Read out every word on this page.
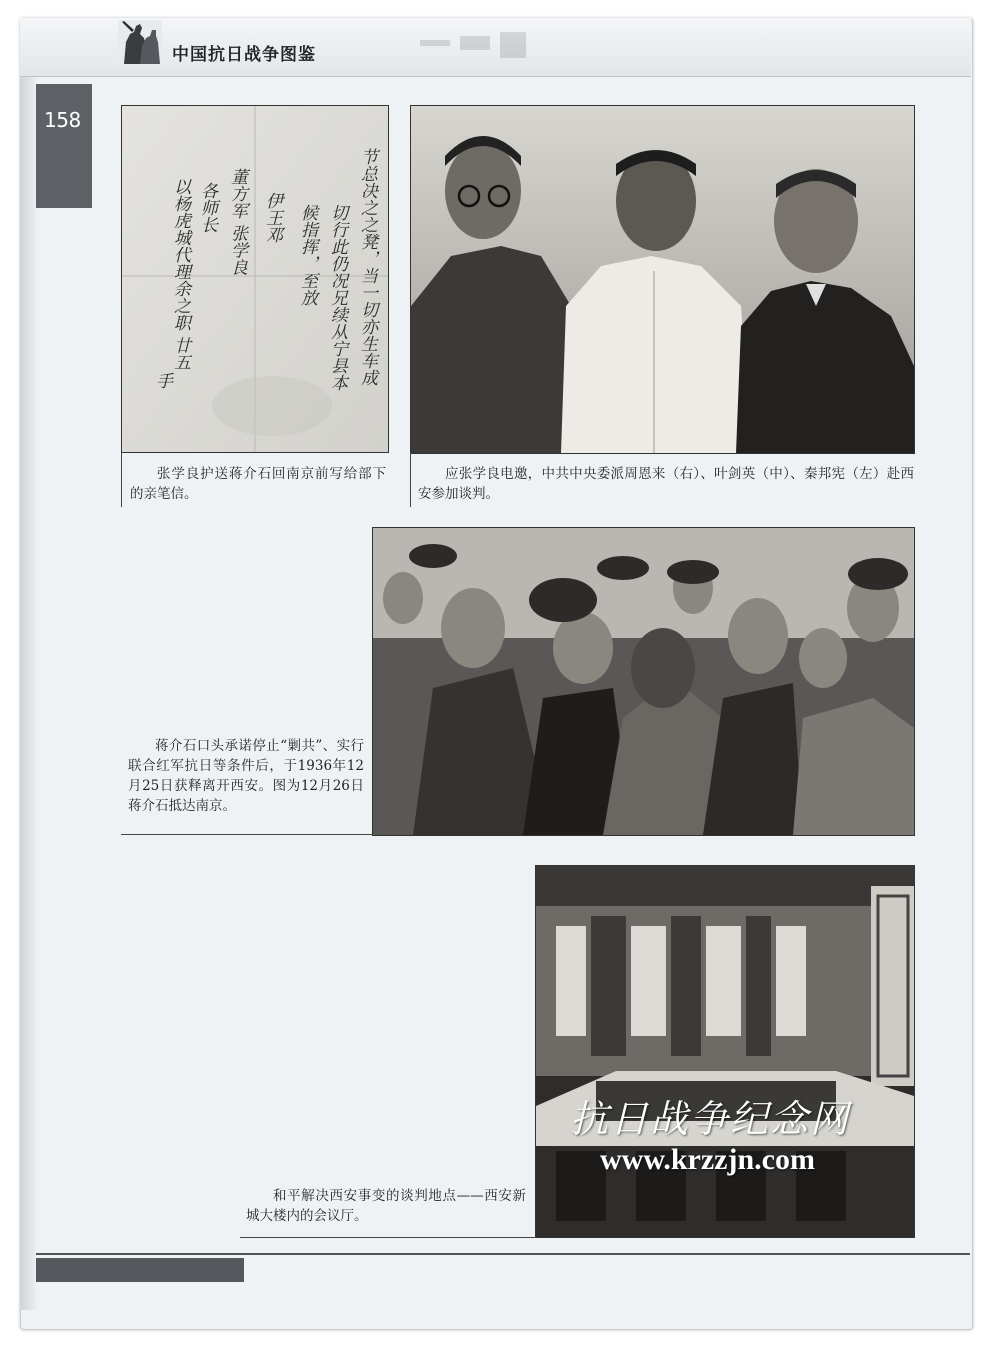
中国抗日战争图鉴
158
节总决之之凳，当一切亦生车成
切行此仍况兄续从宁县本
候指挥，至放
伊王邓
董方军 张学良
各师长
以杨虎城代理余之职 廿五
手
张学良护送蒋介石回南京前写给部下的亲笔信。
应张学良电邀，中共中央委派周恩来（右）、叶剑英（中）、秦邦宪（左）赴西安参加谈判。
蒋介石口头承诺停止“剿共”、实行联合红军抗日等条件后，于1936年12月25日获释离开西安。图为12月26日蒋介石抵达南京。
和平解决西安事变的谈判地点——西安新城大楼内的会议厅。
抗日战争纪念网
www.krzzjn.com
